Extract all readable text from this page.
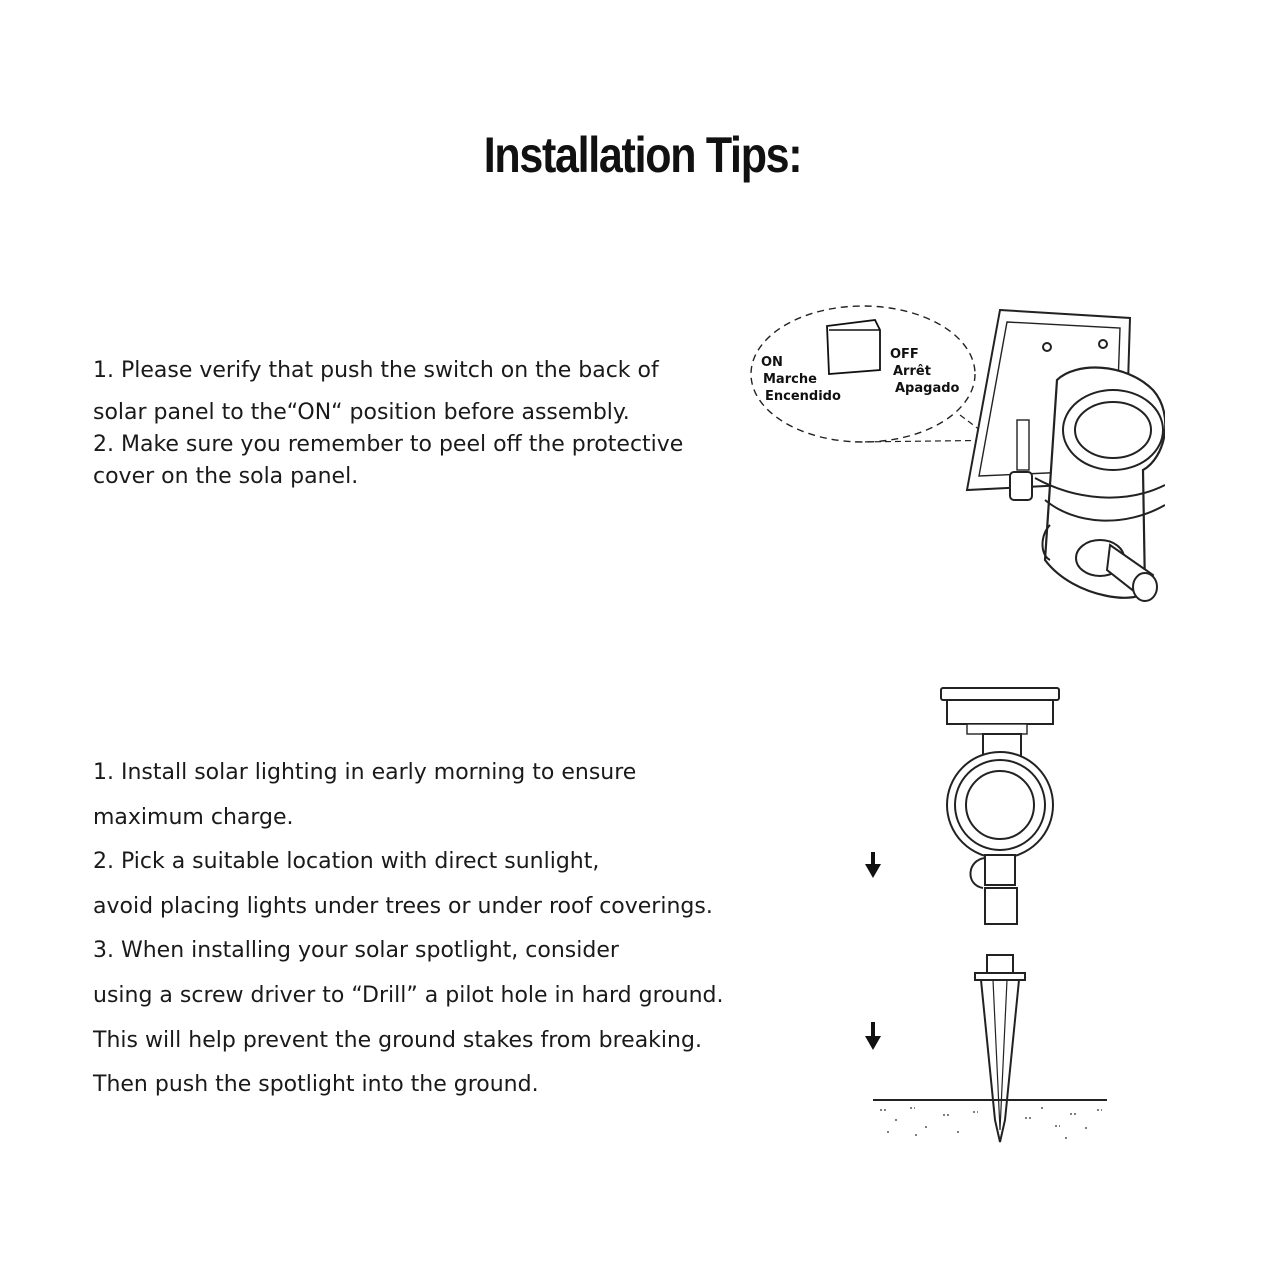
Installation Tips:

1. Please verify that push the switch on the back of

solar panel to the“ON“ position before assembly.

2. Make sure you remember to peel off the protective

cover on the sola panel.

1. Install solar lighting in early morning to ensure

maximum charge.

2. Pick a suitable location with direct sunlight,

avoid placing lights under trees or under roof coverings.

3. When installing your solar spotlight, consider

using a screw driver to “Drill” a pilot hole in hard ground.

This will help prevent the ground stakes from breaking.

Then push the spotlight into the ground.

ON Marche Encendido
OFF Arrêt Apagado
